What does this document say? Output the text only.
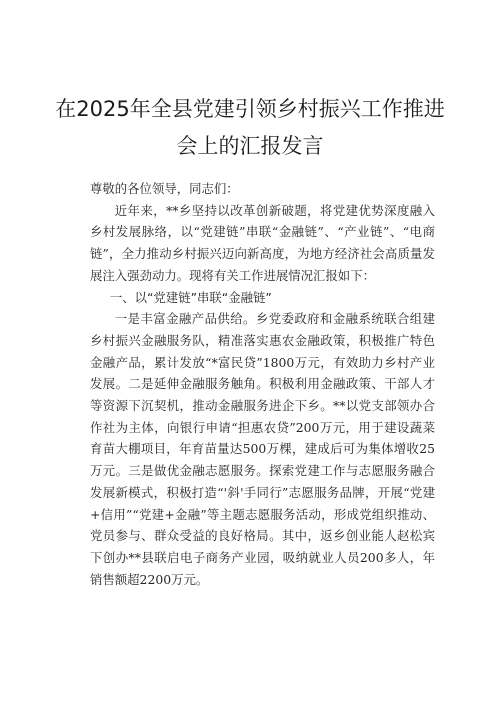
在2025年全县党建引领乡村振兴工作推进
会上的汇报发言

尊敬的各位领导，同志们：

近年来，**乡坚持以改革创新破题，将党建优势深度融入乡村发展脉络，以“党建链”串联“金融链”、“产业链”、“电商链”，全力推动乡村振兴迈向新高度，为地方经济社会高质量发展注入强劲动力。现将有关工作进展情况汇报如下：

一、以“党建链”串联“金融链”

一是丰富金融产品供给。乡党委政府和金融系统联合组建乡村振兴金融服务队，精准落实惠农金融政策，积极推广特色金融产品，累计发放“*富民贷”1800万元，有效助力乡村产业发展。二是延伸金融服务触角。积极利用金融政策、干部人才等资源下沉契机，推动金融服务进企下乡。**以党支部领办合作社为主体，向银行申请“担惠农贷”200万元，用于建设蔬菜育苗大棚项目，年育苗量达500万棵，建成后可为集体增收25万元。三是做优金融志愿服务。探索党建工作与志愿服务融合发展新模式，积极打造“'斜'手同行”志愿服务品牌，开展“党建+信用”“党建+金融”等主题志愿服务活动，形成党组织推动、党员参与、群众受益的良好格局。其中，返乡创业能人赵松宾下创办**县联启电子商务产业园，吸纳就业人员200多人，年销售额超2200万元。
